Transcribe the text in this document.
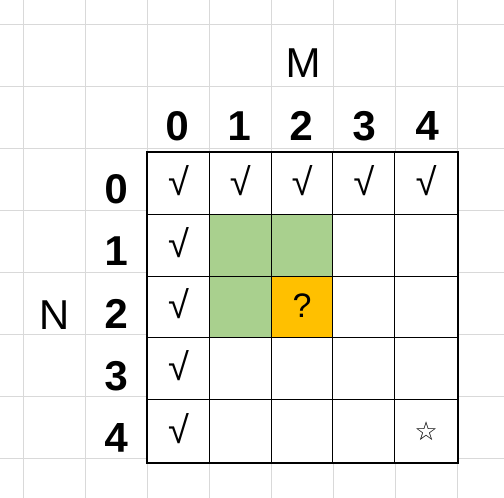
M
N
0 1 2 3 4
0
1
2
3
4
√ √ √ √ √
√
√	?
√
√	☆
